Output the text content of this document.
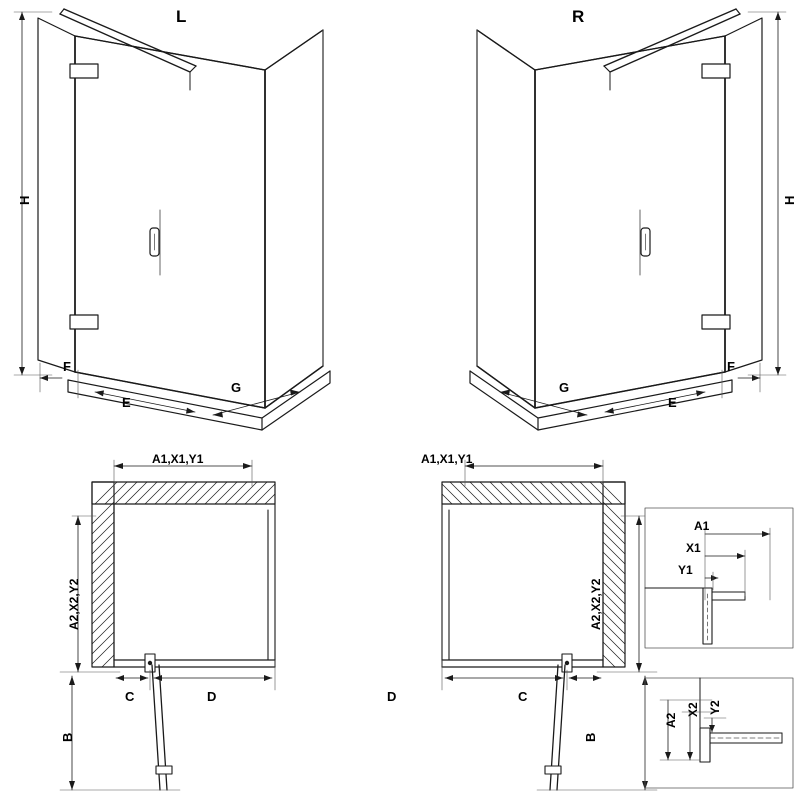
L	R
H	H
F	F
E	E
G	G
A1,X1,Y1	A1,X1,Y1
A2,X2,Y2	A2,X2,Y2
B	B
C	D	D	C
A1
X1
Y1
A2
X2 Y2
